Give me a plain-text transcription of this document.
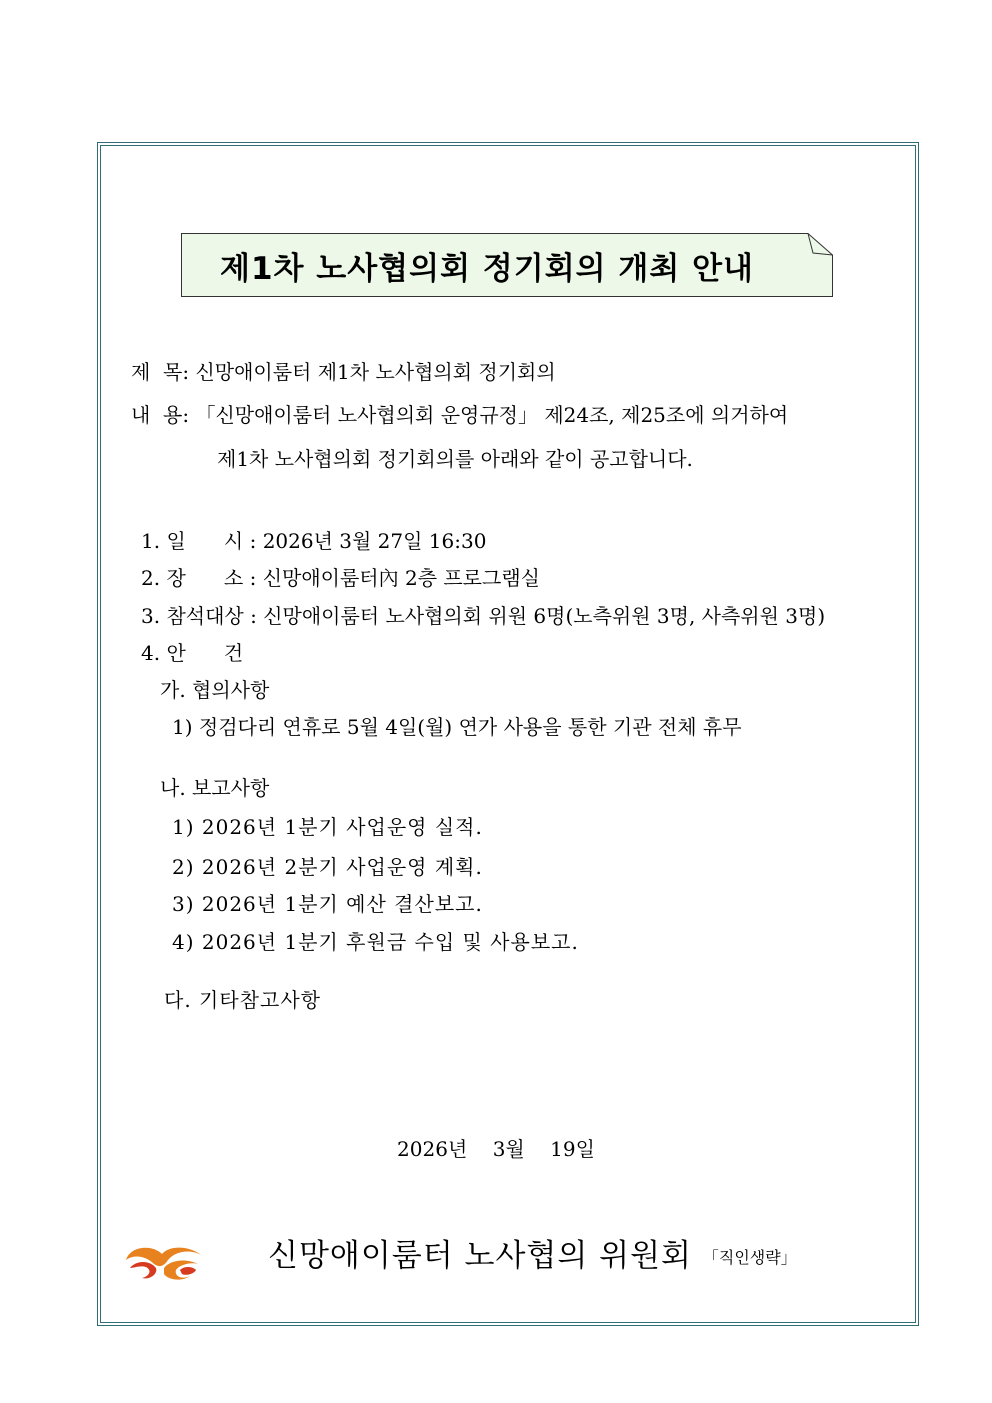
제1차 노사협의회 정기회의 개최 안내
제  목: 신망애이룸터 제1차 노사협의회 정기회의
내  용: 「신망애이룸터 노사협의회 운영규정」 제24조, 제25조에 의거하여
제1차 노사협의회 정기회의를 아래와 같이 공고합니다.
1. 일      시 : 2026년 3월 27일 16:30
2. 장      소 : 신망애이룸터內 2층 프로그램실
3. 참석대상 : 신망애이룸터 노사협의회 위원 6명(노측위원 3명, 사측위원 3명)
4. 안      건
가. 협의사항
1) 정검다리 연휴로 5월 4일(월) 연가 사용을 통한 기관 전체 휴무
나. 보고사항
1) 2026년 1분기 사업운영 실적.
2) 2026년 2분기 사업운영 계획.
3) 2026년 1분기 예산 결산보고.
4) 2026년 1분기 후원금 수입 및 사용보고.
다. 기타참고사항
2026년    3월    19일
신망애이룸터 노사협의 위원회 「직인생략」
